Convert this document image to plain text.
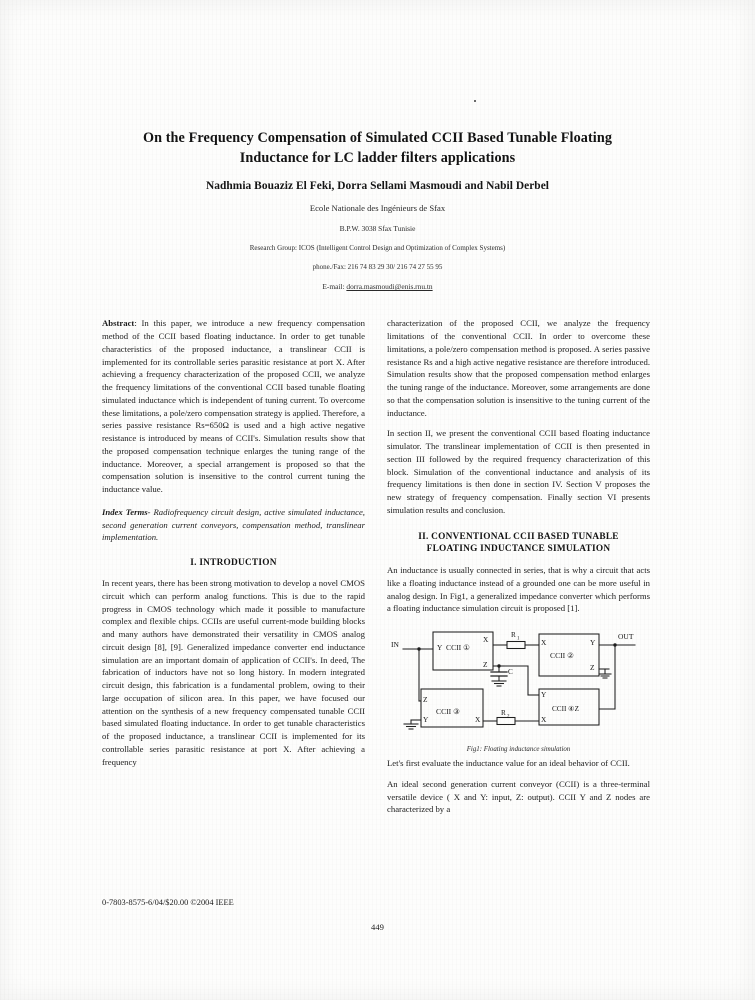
On the Frequency Compensation of Simulated CCII Based Tunable Floating Inductance for LC ladder filters applications
Nadhmia Bouaziz El Feki, Dorra Sellami Masmoudi and Nabil Derbel
Ecole Nationale des Ingénieurs de Sfax
B.P.W. 3038 Sfax Tunisie
Research Group: ICOS (Intelligent Control Design and Optimization of Complex Systems)
phone./Fax: 216 74 83 29 30/ 216 74 27 55 95
E-mail: dorra.masmoudi@enis.rnu.tn

Abstract: In this paper, we introduce a new frequency compensation method of the CCII based floating inductance. In order to get tunable characteristics of the proposed inductance, a translinear CCII is implemented for its controllable series parasitic resistance at port X. After achieving a frequency characterization of the proposed CCII, we analyze the frequency limitations of the conventional CCII based tunable floating simulated inductance which is independent of tuning current. To overcome these limitations, a pole/zero compensation strategy is applied. Therefore, a series passive resistance Rs=650Ω is used and a high active negative resistance is introduced by means of CCII's. Simulation results show that the proposed compensation technique enlarges the tuning range of the inductance. Moreover, a special arrangement is proposed so that the compensation solution is insensitive to the control current tuning the inductance value.

Index Terms- Radiofrequency circuit design, active simulated inductance, second generation current conveyors, compensation method, translinear implementation.

I. INTRODUCTION

In recent years, there has been strong motivation to develop a novel CMOS circuit which can perform analog functions. This is due to the rapid progress in CMOS technology which made it possible to manufacture complex and flexible chips. CCIIs are useful current-mode building blocks and many authors have demonstrated their versatility in CMOS analog circuit design [8], [9]. Generalized impedance converter end inductance simulation are an important domain of application of CCII's. In deed, The fabrication of inductors have not so long history. In modern integrated circuit design, this fabrication is a fundamental problem, owing to their large occupation of silicon area. In this paper, we have focused our attention on the synthesis of a new frequency compensated tunable CCII based simulated floating inductance. In order to get tunable characteristics of the proposed inductance, a translinear CCII is implemented for its controllable series parasitic resistance at port X. After achieving a frequency

characterization of the proposed CCII, we analyze the frequency limitations of the conventional CCII. In order to overcome these limitations, a pole/zero compensation method is proposed. A series passive resistance Rs and a high active negative resistance are therefore introduced. Simulation results show that the proposed compensation method enlarges the tuning range of the inductance. Moreover, some arrangements are done so that the compensation solution is insensitive to the tuning current of the inductance.

In section II, we present the conventional CCII based floating inductance simulator. The translinear implementation of CCII is then presented in section III followed by the required frequency characterization of this block. Simulation of the conventional inductance and analysis of its frequency limitations is then done in section IV. Section V proposes the new strategy of frequency compensation. Finally section VI presents simulation results and conclusion.

II. CONVENTIONAL CCII BASED TUNABLE
FLOATING INDUCTANCE SIMULATION

An inductance is usually connected in series, that is why a circuit that acts like a floating inductance instead of a grounded one can be more useful in analog design. In Fig1, a generalized impedance converter which performs a floating inductance simulation circuit is proposed [1].

IN
OUT
R 1
R 2
C
Y CCII ①
X
Z
X	Y
CCII ②
Z
Z
CCII ③
Y	X
Y
CCII ④Z
X
Fig1: Floating inductance simulation

Let's first evaluate the inductance value for an ideal behavior of CCII.

An ideal second generation current conveyor (CCII) is a three-terminal versatile device ( X and Y: input, Z: output). CCII Y and Z nodes are characterized by a

0-7803-8575-6/04/$20.00 ©2004 IEEE
449
